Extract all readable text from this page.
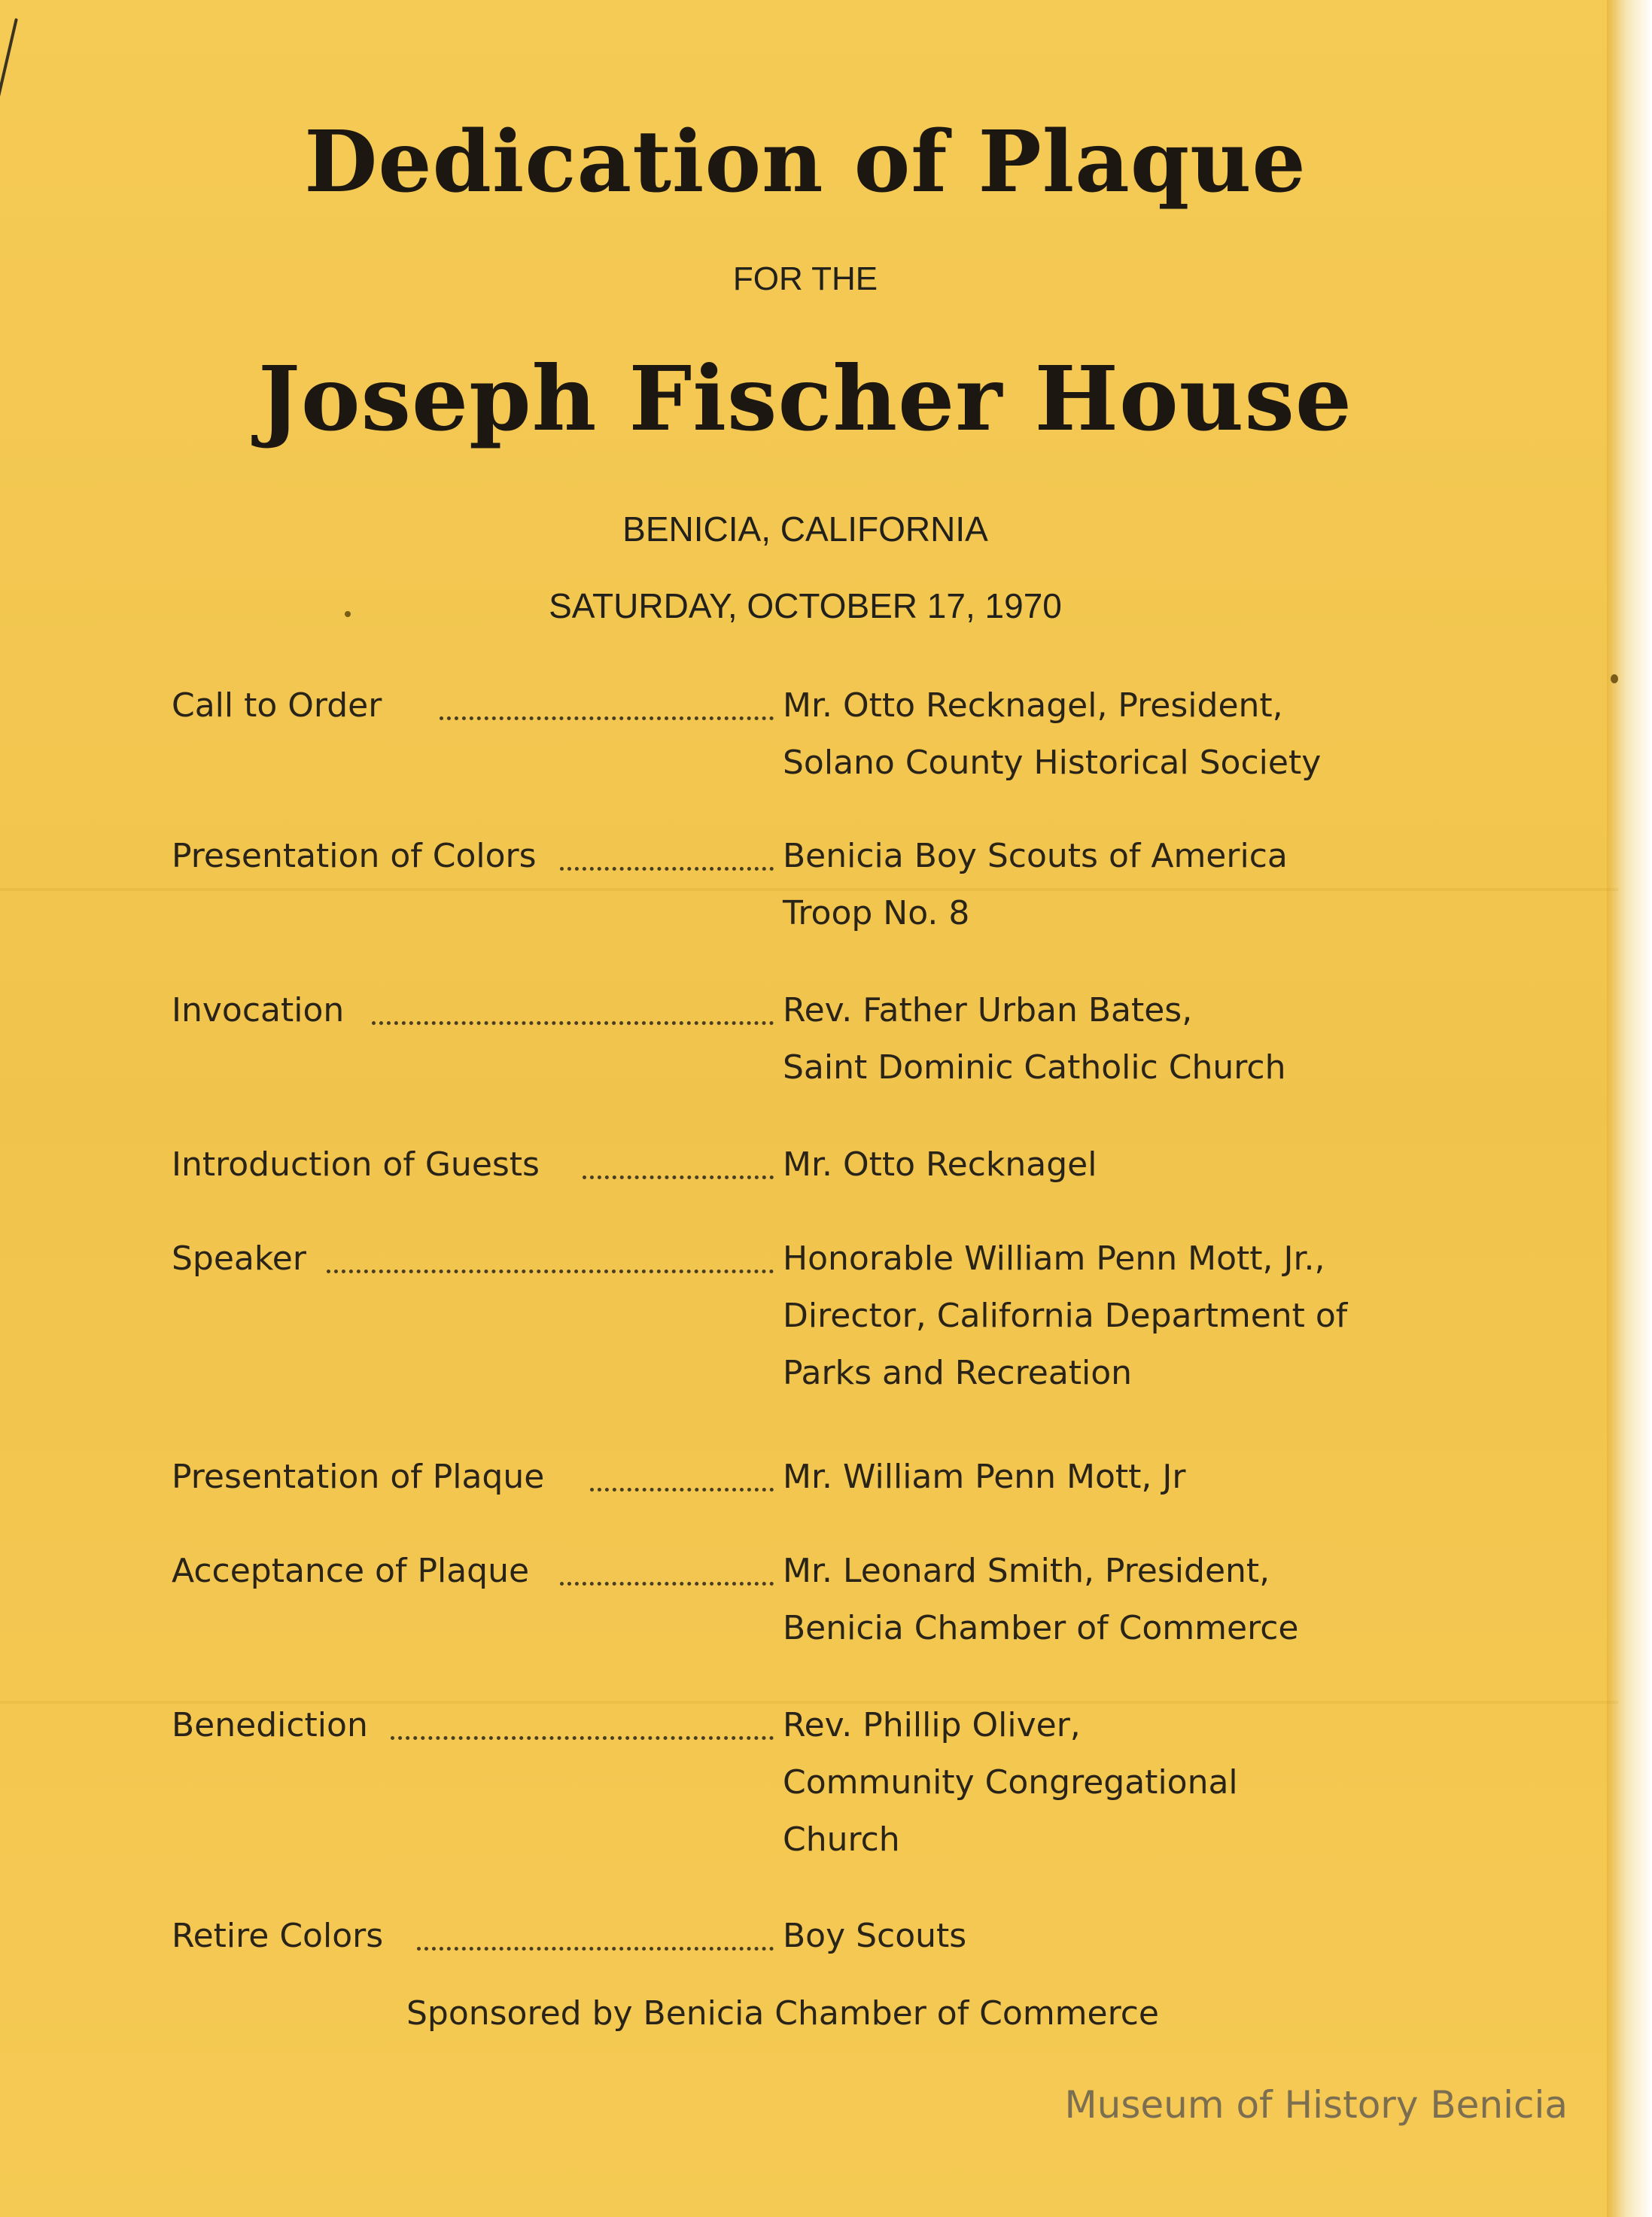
Dedication of Plaque
FOR THE
Joseph Fischer House
BENICIA, CALIFORNIA
SATURDAY, OCTOBER 17, 1970
Call to Order	Mr. Otto Recknagel, President,
Solano County Historical Society
Presentation of Colors	Benicia Boy Scouts of America
Troop No. 8
Invocation	Rev. Father Urban Bates,
Saint Dominic Catholic Church
Introduction of Guests	Mr. Otto Recknagel
Speaker	Honorable William Penn Mott, Jr.,
Director, California Department of
Parks and Recreation
Presentation of Plaque	Mr. William Penn Mott, Jr
Acceptance of Plaque	Mr. Leonard Smith, President,
Benicia Chamber of Commerce
Benediction	Rev. Phillip Oliver,
Community Congregational
Church
Retire Colors	Boy Scouts
Sponsored by Benicia Chamber of Commerce
Museum of History Benicia
